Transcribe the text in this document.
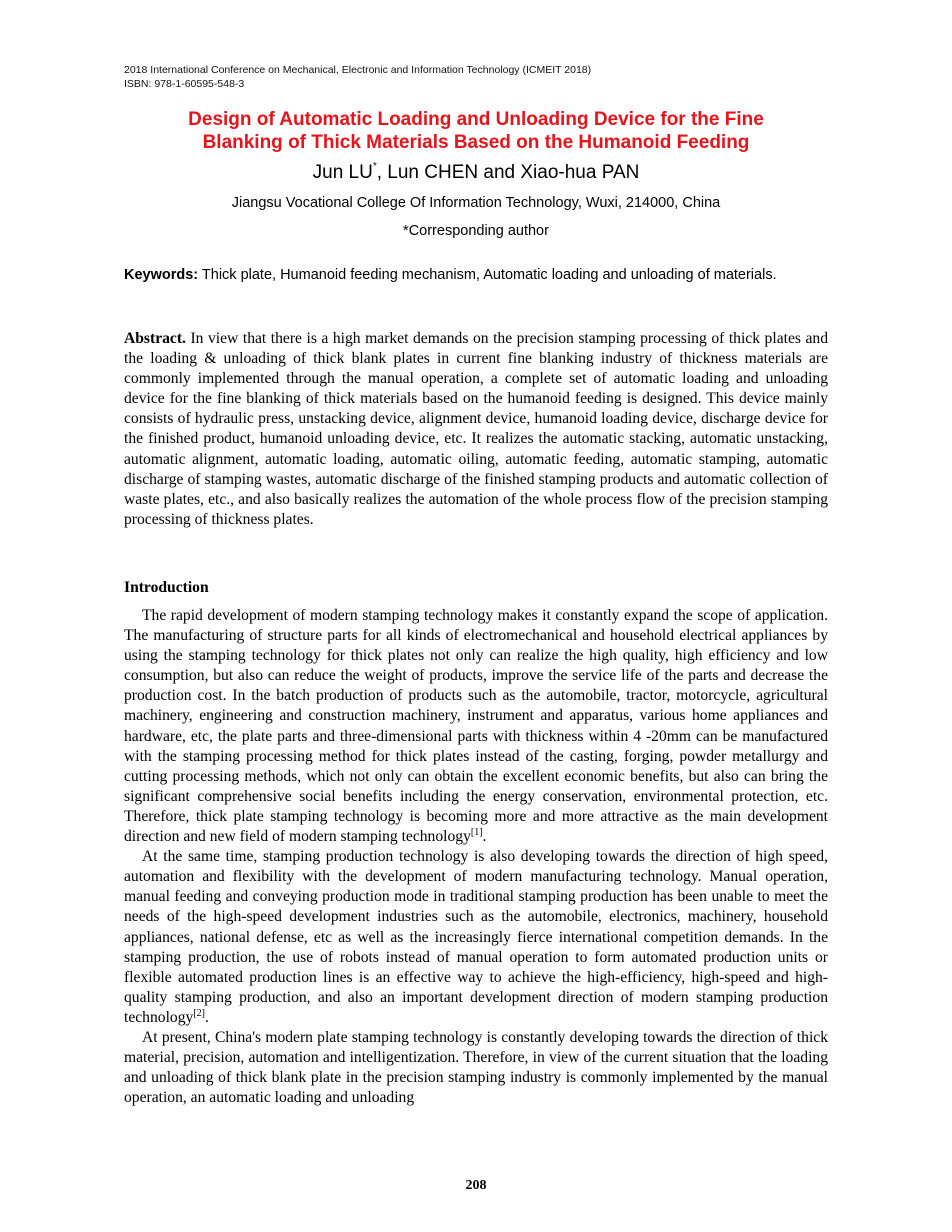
2018 International Conference on Mechanical, Electronic and Information Technology (ICMEIT 2018)
ISBN: 978-1-60595-548-3
Design of Automatic Loading and Unloading Device for the Fine
Blanking of Thick Materials Based on the Humanoid Feeding
Jun LU*, Lun CHEN and Xiao-hua PAN
Jiangsu Vocational College Of Information Technology, Wuxi, 214000, China
*Corresponding author
Keywords: Thick plate, Humanoid feeding mechanism, Automatic loading and unloading of materials.
Abstract. In view that there is a high market demands on the precision stamping processing of thick plates and the loading & unloading of thick blank plates in current fine blanking industry of thickness materials are commonly implemented through the manual operation, a complete set of automatic loading and unloading device for the fine blanking of thick materials based on the humanoid feeding is designed. This device mainly consists of hydraulic press, unstacking device, alignment device, humanoid loading device, discharge device for the finished product, humanoid unloading device, etc. It realizes the automatic stacking, automatic unstacking, automatic alignment, automatic loading, automatic oiling, automatic feeding, automatic stamping, automatic discharge of stamping wastes, automatic discharge of the finished stamping products and automatic collection of waste plates, etc., and also basically realizes the automation of the whole process flow of the precision stamping processing of thickness plates.
Introduction

The rapid development of modern stamping technology makes it constantly expand the scope of application. The manufacturing of structure parts for all kinds of electromechanical and household electrical appliances by using the stamping technology for thick plates not only can realize the high quality, high efficiency and low consumption, but also can reduce the weight of products, improve the service life of the parts and decrease the production cost. In the batch production of products such as the automobile, tractor, motorcycle, agricultural machinery, engineering and construction machinery, instrument and apparatus, various home appliances and hardware, etc, the plate parts and three-dimensional parts with thickness within 4 -20mm can be manufactured with the stamping processing method for thick plates instead of the casting, forging, powder metallurgy and cutting processing methods, which not only can obtain the excellent economic benefits, but also can bring the significant comprehensive social benefits including the energy conservation, environmental protection, etc. Therefore, thick plate stamping technology is becoming more and more attractive as the main development direction and new field of modern stamping technology[1].

At the same time, stamping production technology is also developing towards the direction of high speed, automation and flexibility with the development of modern manufacturing technology. Manual operation, manual feeding and conveying production mode in traditional stamping production has been unable to meet the needs of the high-speed development industries such as the automobile, electronics, machinery, household appliances, national defense, etc as well as the increasingly fierce international competition demands. In the stamping production, the use of robots instead of manual operation to form automated production units or flexible automated production lines is an effective way to achieve the high-efficiency, high-speed and high-quality stamping production, and also an important development direction of modern stamping production technology[2].

At present, China's modern plate stamping technology is constantly developing towards the direction of thick material, precision, automation and intelligentization. Therefore, in view of the current situation that the loading and unloading of thick blank plate in the precision stamping industry is commonly implemented by the manual operation, an automatic loading and unloading

208
